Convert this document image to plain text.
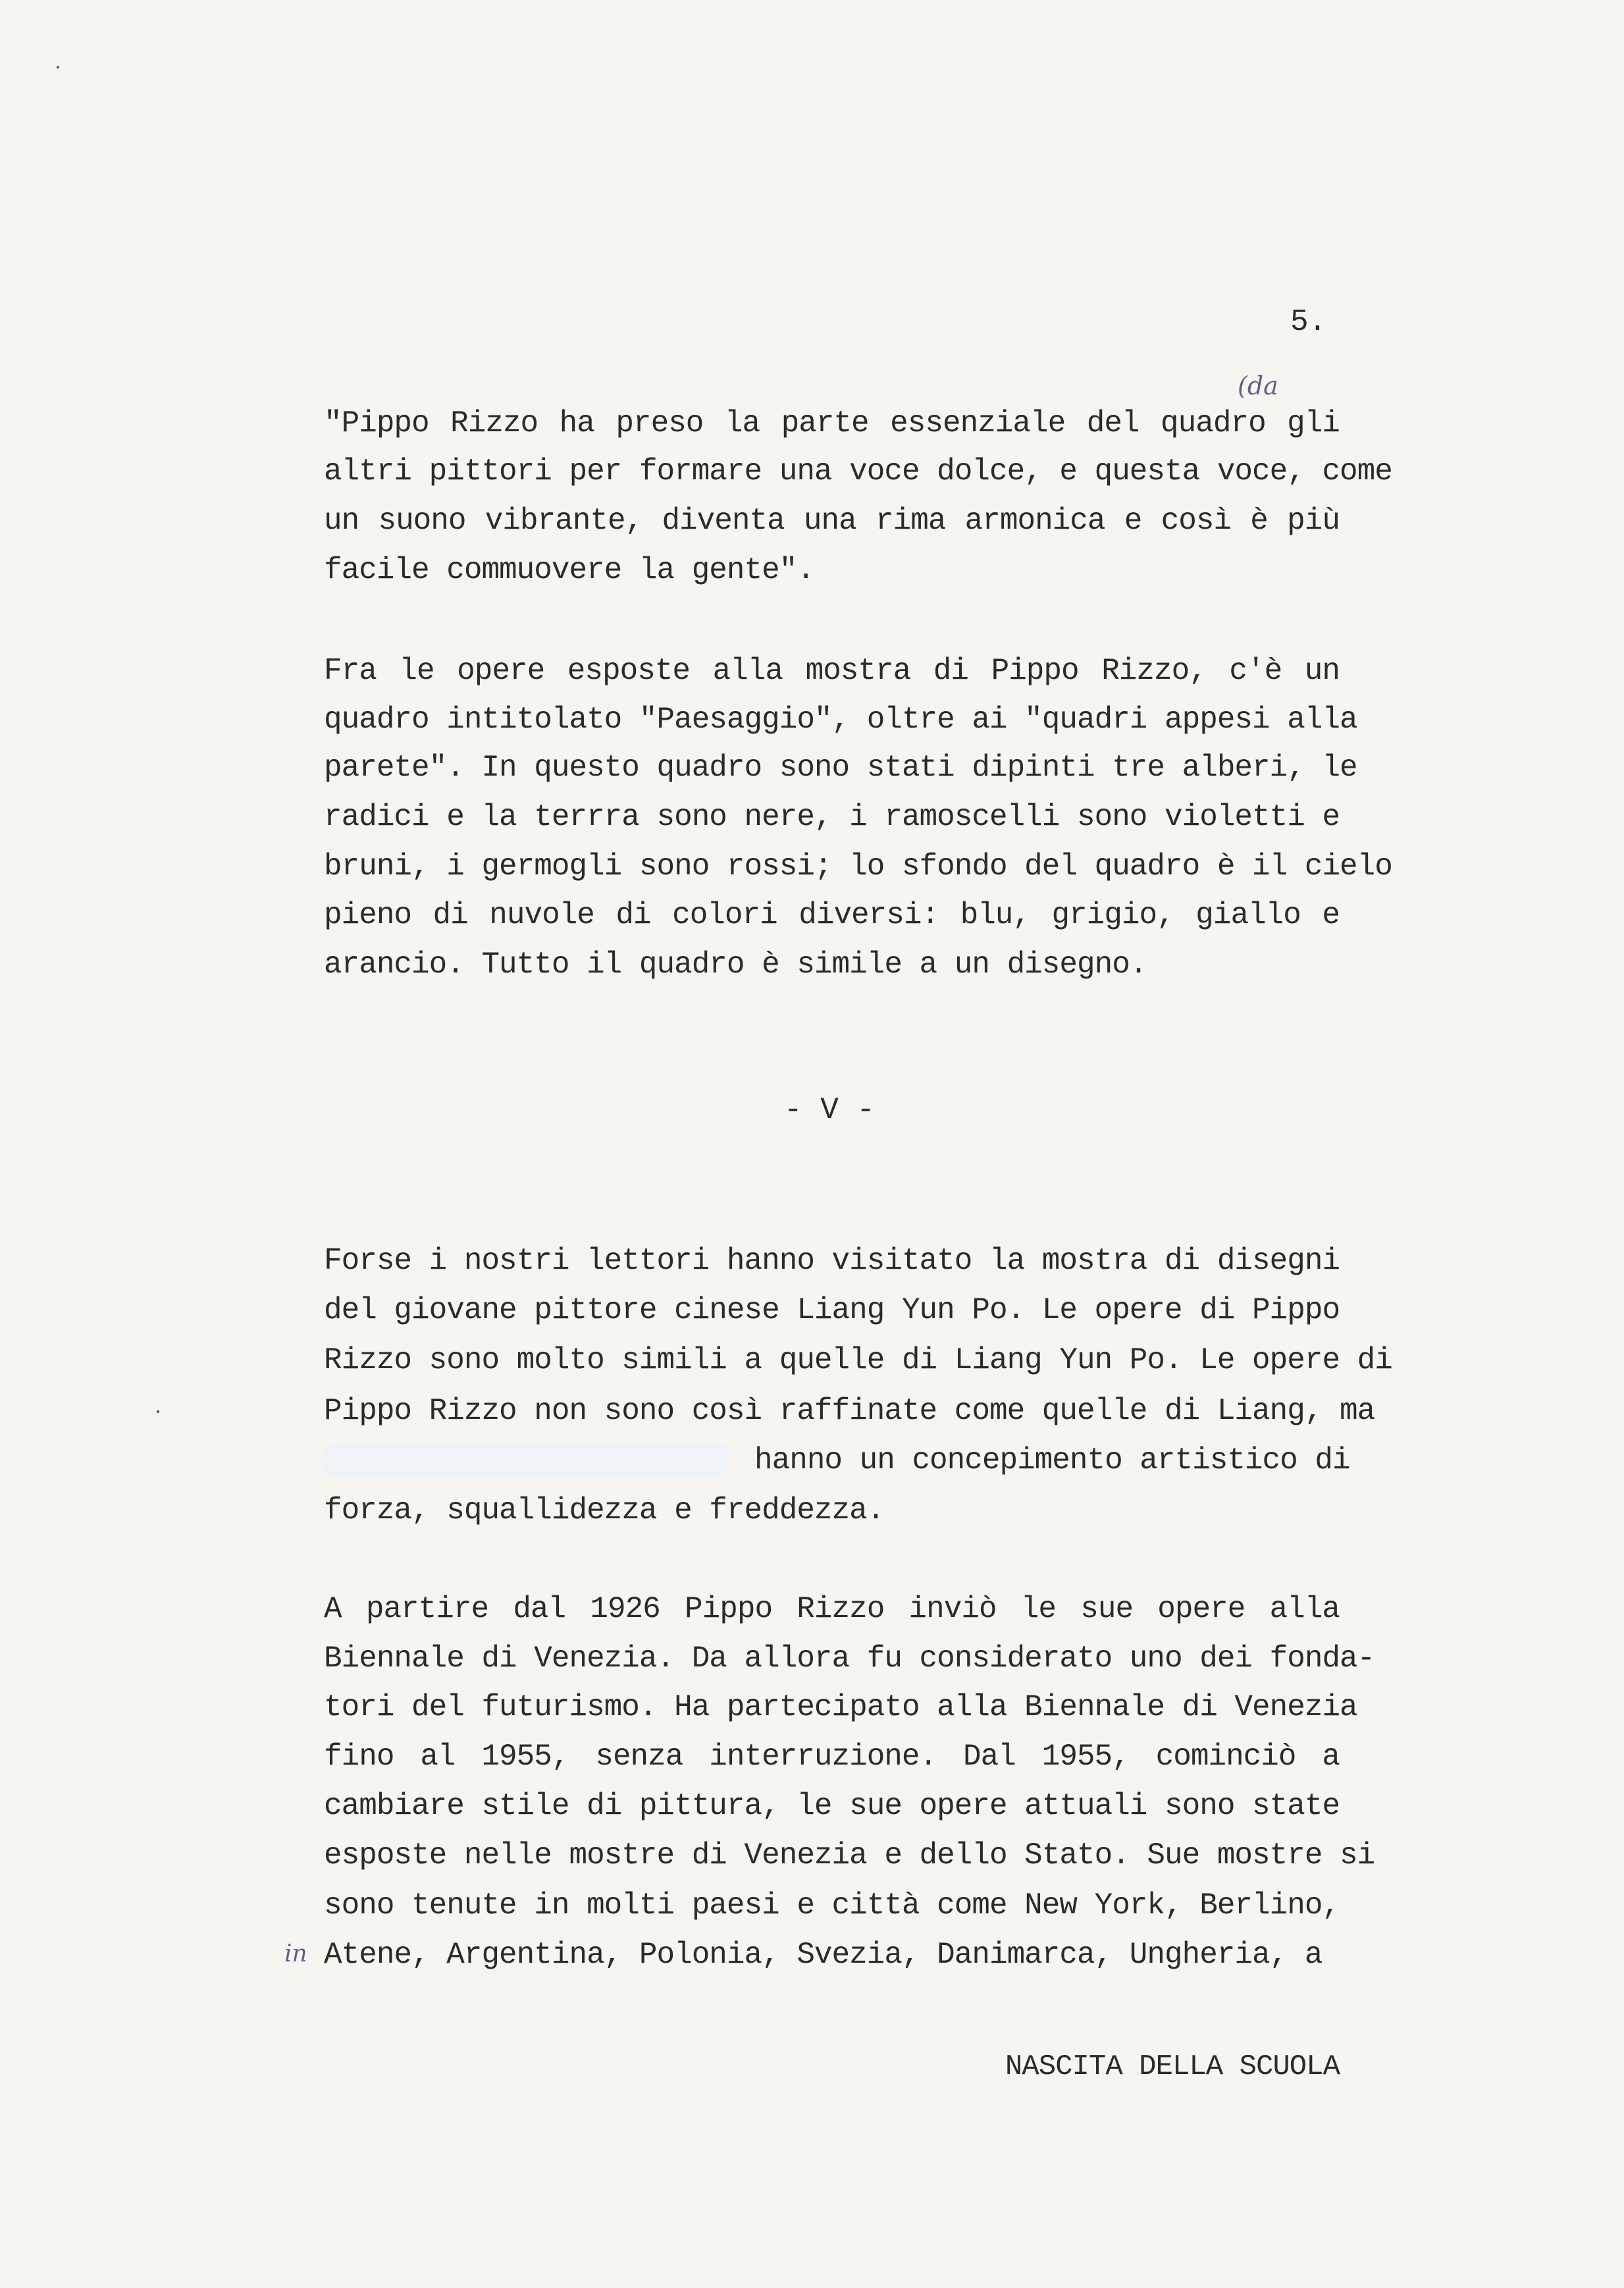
5.
"Pippo Rizzo ha preso la parte essenziale del quadro gli
altri pittori per formare una voce dolce, e questa voce, come
un suono vibrante, diventa una rima armonica e così è più
facile commuovere la gente".
Fra le opere esposte alla mostra di Pippo Rizzo, c'è un
quadro intitolato "Paesaggio", oltre ai "quadri appesi alla
parete". In questo quadro sono stati dipinti tre alberi, le
radici e la terrra sono nere, i ramoscelli sono violetti e
bruni, i germogli sono rossi; lo sfondo del quadro è il cielo
pieno di nuvole di colori diversi: blu, grigio, giallo e
arancio. Tutto il quadro è simile a un disegno.
Forse i nostri lettori hanno visitato la mostra di disegni
del giovane pittore cinese Liang Yun Po. Le opere di Pippo
Rizzo sono molto simili a quelle di Liang Yun Po. Le opere di
Pippo Rizzo non sono così raffinate come quelle di Liang, ma
hanno un concepimento artistico di
forza, squallidezza e freddezza.
A partire dal 1926 Pippo Rizzo inviò le sue opere alla
Biennale di Venezia. Da allora fu considerato uno dei fonda-
tori del futurismo. Ha partecipato alla Biennale di Venezia
fino al 1955, senza interruzione. Dal 1955, cominciò a
cambiare stile di pittura, le sue opere attuali sono state
esposte nelle mostre di Venezia e dello Stato. Sue mostre si
sono tenute in molti paesi e città come New York, Berlino,
Atene, Argentina, Polonia, Svezia, Danimarca, Ungheria, a
- V -
(da
in
NASCITA DELLA SCUOLA
